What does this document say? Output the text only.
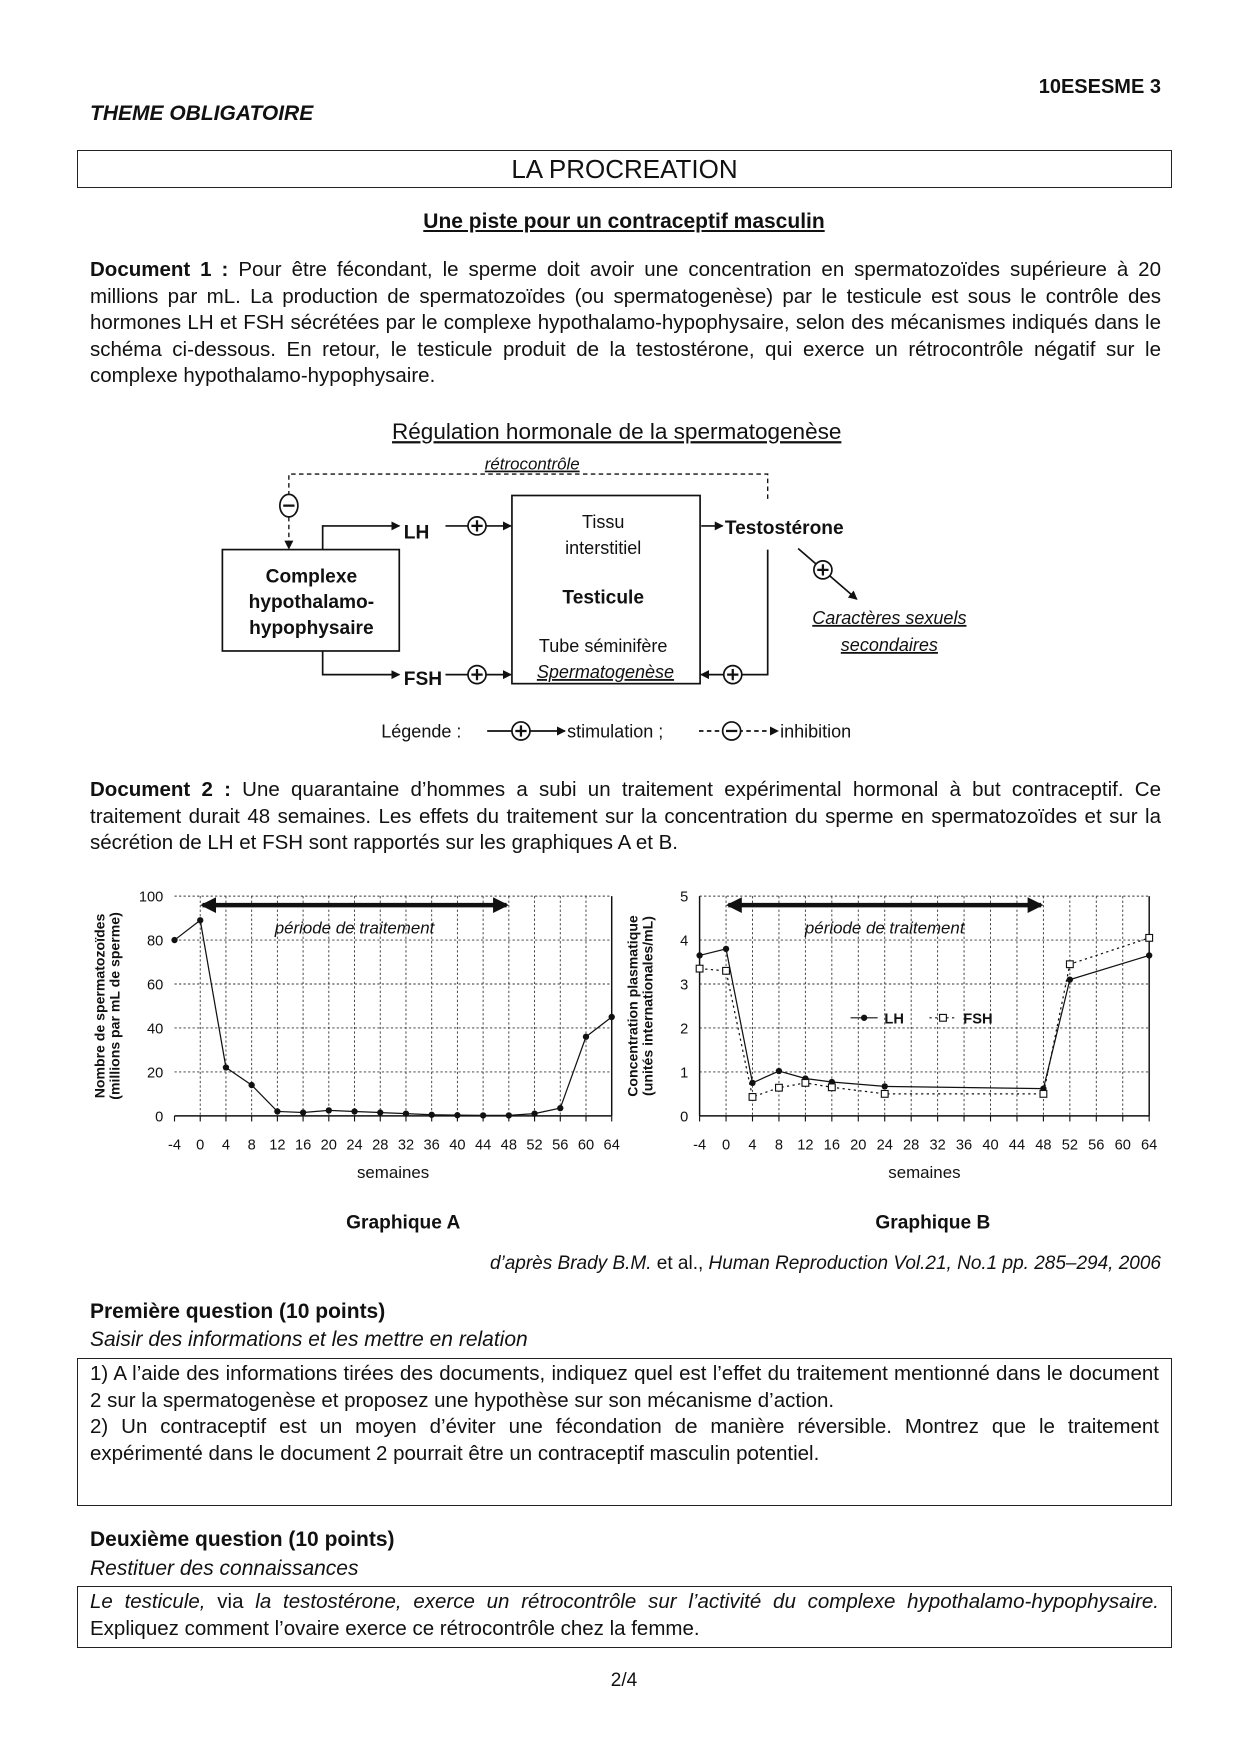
10ESESME 3
THEME OBLIGATOIRE
LA PROCREATION
Une piste pour un contraceptif masculin
Document 1 : Pour être fécondant, le sperme doit avoir une concentration en spermatozoïdes supérieure à 20 millions par mL. La production de spermatozoïdes (ou spermatogenèse) par le testicule est sous le contrôle des hormones LH et FSH sécrétées par le complexe hypothalamo-hypophysaire, selon des mécanismes indiqués dans le schéma ci-dessous. En retour, le testicule produit de la testostérone, qui exerce un rétrocontrôle négatif sur le complexe hypothalamo-hypophysaire.
Régulation hormonale de la spermatogenèse
rétrocontrôle
Complexe
hypothalamo-
hypophysaire
LH
FSH
Tissu
interstitiel
Testicule
Tube séminifère
Spermatogenèse
Testostérone
Caractères sexuels
secondaires
Légende :	stimulation ;	inhibition
Document 2 : Une quarantaine d’hommes a subi un traitement expérimental hormonal à but contraceptif. Ce traitement durait 48 semaines. Les effets du traitement sur la concentration du sperme en spermatozoïdes et sur la sécrétion de LH et FSH sont rapportés sur les graphiques A et B.
-4 0 4 8 12 16 20 24 28 32 36 40 44 48 52 56 60 64
0
20
40
60
80
100
semaines
Nombre de spermatozoïdes
(millions par mL de sperme)
Graphique A
période de traitement
-4 0 4 8 12 16 20 24 28 32 36 40 44 48 52 56 60 64
0
1
2
3
4
5
semaines
Concentration plasmatique
(unités internationales/mL)
Graphique B
période de traitement
LH	FSH
d’après Brady B.M. et al., Human Reproduction Vol.21, No.1 pp. 285–294, 2006
Première question (10 points)
Saisir des informations et les mettre en relation
1) A l’aide des informations tirées des documents, indiquez quel est l’effet du traitement mentionné dans le document 2 sur la spermatogenèse et proposez une hypothèse sur son mécanisme d’action.
2) Un contraceptif est un moyen d’éviter une fécondation de manière réversible. Montrez que le traitement expérimenté dans le document 2 pourrait être un contraceptif masculin potentiel.
Deuxième question (10 points)
Restituer des connaissances
Le testicule, via la testostérone, exerce un rétrocontrôle sur l’activité du complexe hypothalamo-hypophysaire. Expliquez comment l’ovaire exerce ce rétrocontrôle chez la femme.
2/4
